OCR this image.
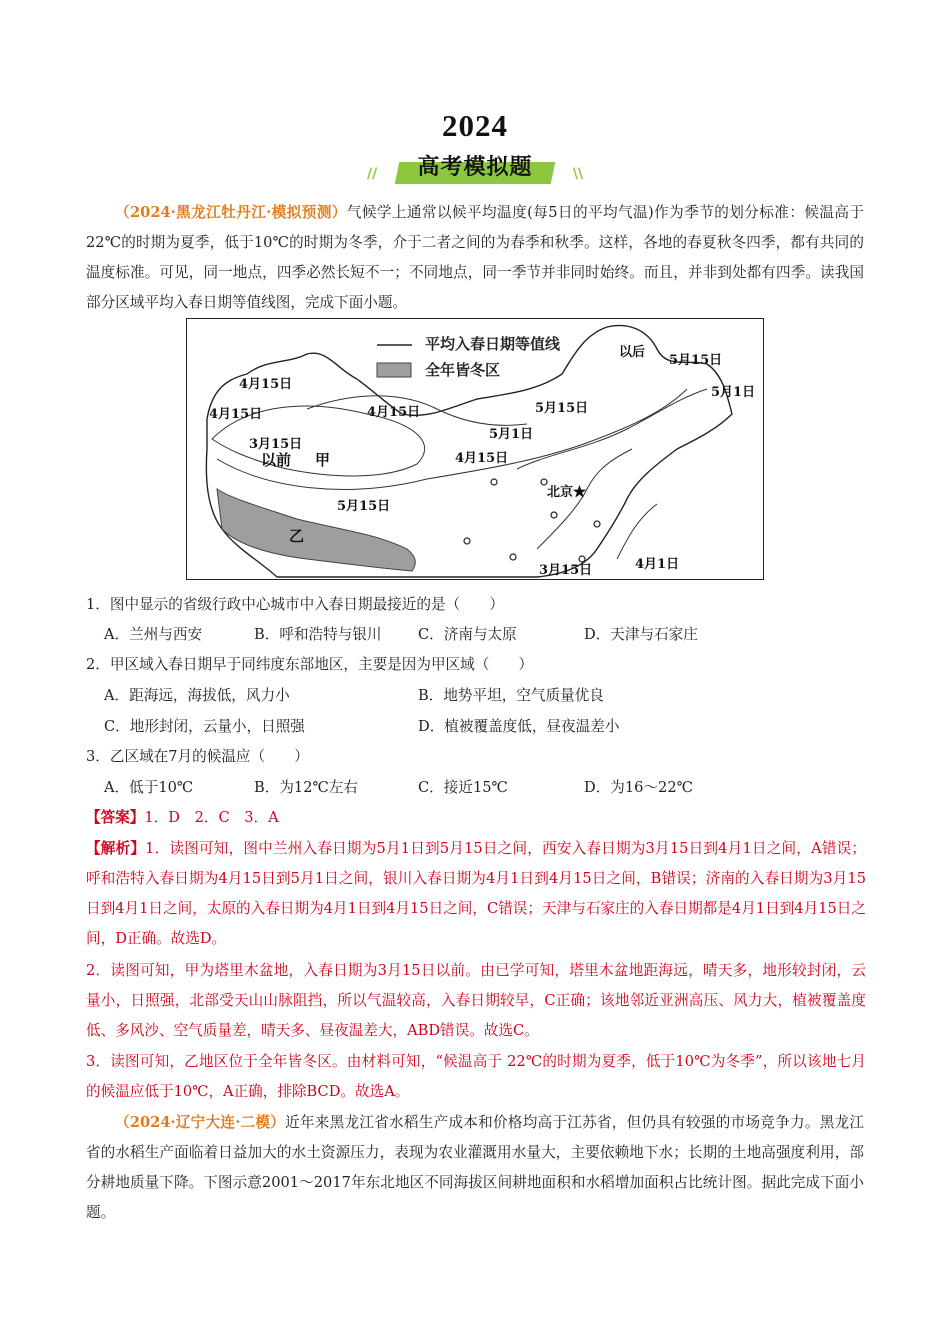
2024
//	高考模拟题	\\
（2024·黑龙江牡丹江·模拟预测）气候学上通常以候平均温度(每5日的平均气温)作为季节的划分标准：候温高于22℃的时期为夏季，低于10℃的时期为冬季，介于二者之间的为春季和秋季。这样，各地的春夏秋冬四季，都有共同的温度标准。可见，同一地点，四季必然长短不一；不同地点，同一季节并非同时始终。而且，并非到处都有四季。读我国部分区域平均入春日期等值线图，完成下面小题。
平均入春日期等值线
全年皆冬区
以后
5月15日
5月1日
4月15日
4月15日	4月15日	5月15日
5月1日
3月15日
以前 甲	4月15日
北京★
5月15日
乙
3月15日	4月1日
1．图中显示的省级行政中心城市中入春日期最接近的是（　　）
A．兰州与西安	B．呼和浩特与银川	C．济南与太原	D．天津与石家庄
2．甲区域入春日期早于同纬度东部地区，主要是因为甲区域（　　）
A．距海远，海拔低，风力小	B．地势平坦，空气质量优良
C．地形封闭，云量小，日照强	D．植被覆盖度低，昼夜温差小
3．乙区域在7月的候温应（　　）
A．低于10℃	B．为12℃左右	C．接近15℃	D．为16～22℃
【答案】1．D　2．C　3．A
【解析】1．读图可知，图中兰州入春日期为5月1日到5月15日之间，西安入春日期为3月15日到4月1日之间，A错误；呼和浩特入春日期为4月15日到5月1日之间，银川入春日期为4月1日到4月15日之间，B错误；济南的入春日期为3月15日到4月1日之间，太原的入春日期为4月1日到4月15日之间，C错误；天津与石家庄的入春日期都是4月1日到4月15日之间，D正确。故选D。
2．读图可知，甲为塔里木盆地，入春日期为3月15日以前。由已学可知，塔里木盆地距海远，晴天多，地形较封闭，云量小，日照强，北部受天山山脉阻挡，所以气温较高，入春日期较早，C正确；该地邻近亚洲高压、风力大，植被覆盖度低、多风沙、空气质量差，晴天多、昼夜温差大，ABD错误。故选C。
3．读图可知，乙地区位于全年皆冬区。由材料可知，“候温高于 22℃的时期为夏季，低于10℃为冬季”，所以该地七月的候温应低于10℃，A正确，排除BCD。故选A。
（2024·辽宁大连·二模）近年来黑龙江省水稻生产成本和价格均高于江苏省，但仍具有较强的市场竞争力。黑龙江省的水稻生产面临着日益加大的水土资源压力，表现为农业灌溉用水量大，主要依赖地下水；长期的土地高强度利用，部分耕地质量下降。下图示意2001～2017年东北地区不同海拔区间耕地面积和水稻增加面积占比统计图。据此完成下面小题。
